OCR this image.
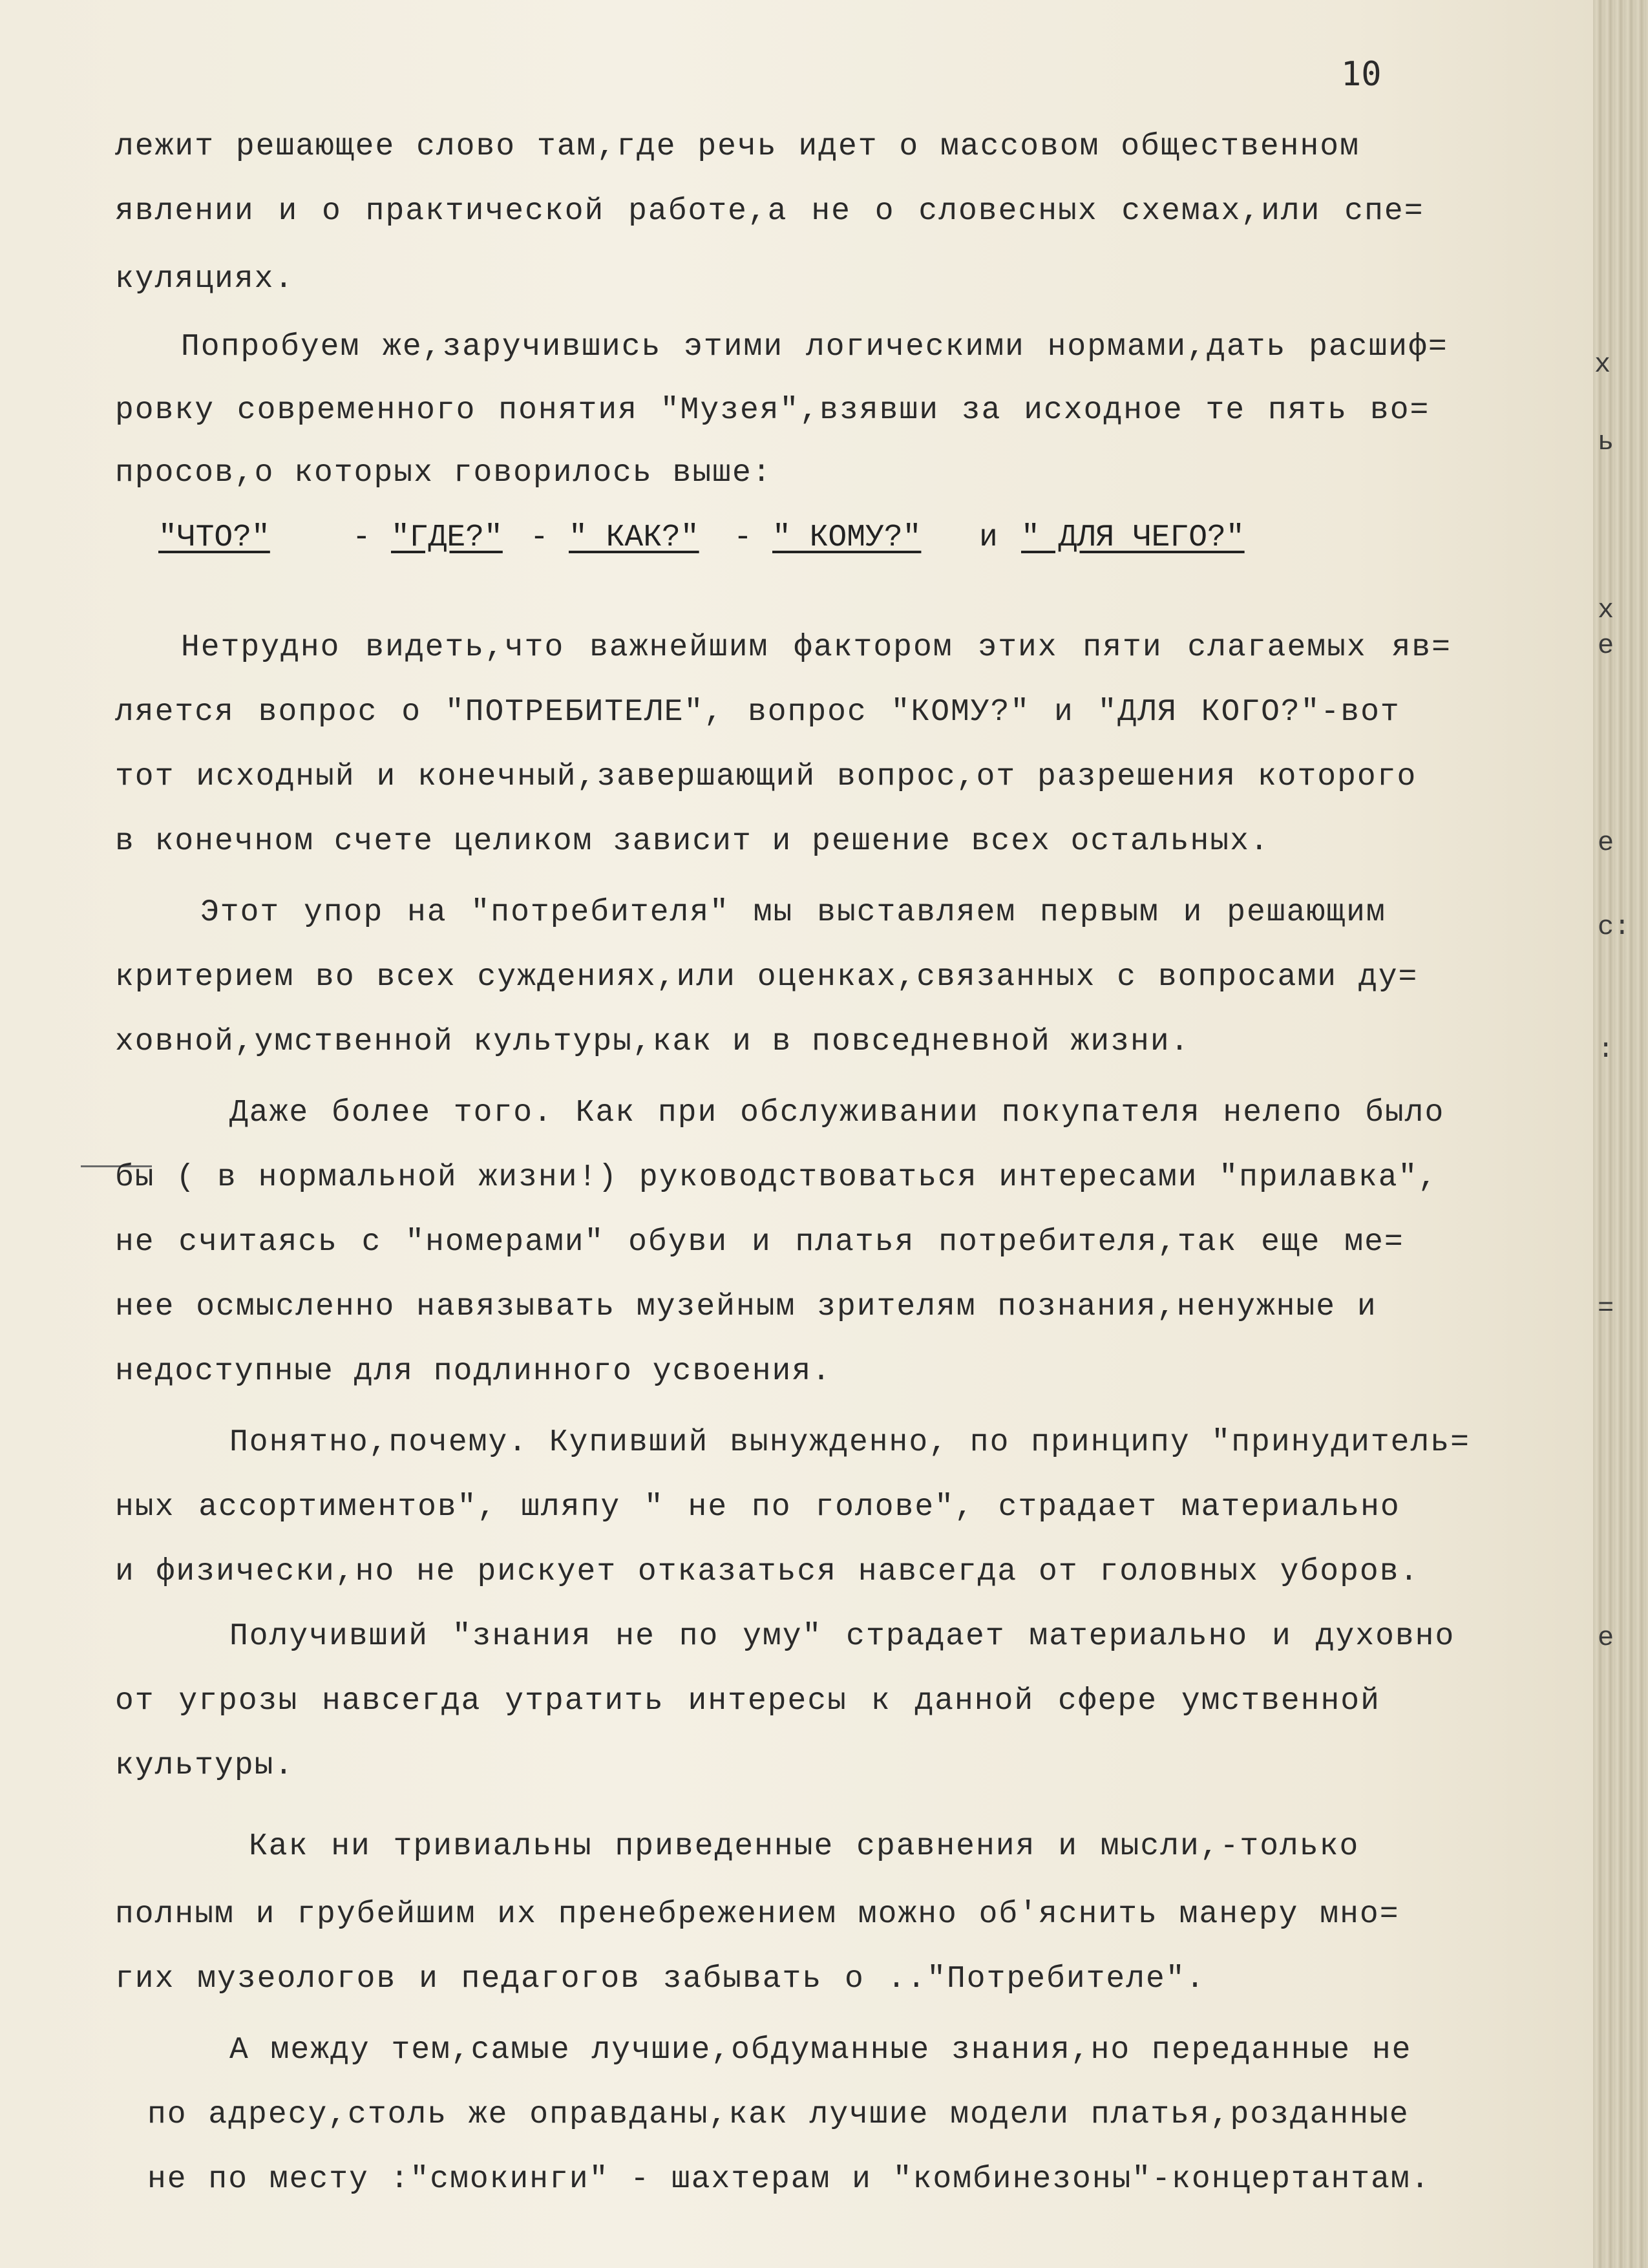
10
лежит решающее слово там,где речь идет о массовом общественном
явлении и о практической работе,а не о словесных схемах,или спе=
куляциях.
Попробуем же,заручившись этими логическими нормами,дать расшиф=
ровку современного понятия "Музея",взявши за исходное те пять во=
просов,о которых говорилось выше:
"ЧТО?"	- "ГДЕ?" - " КАК?" - " КОМУ?" и " ДЛЯ ЧЕГО?"
Нетрудно видеть,что важнейшим фактором этих пяти слагаемых яв=
ляется вопрос о "ПОТРЕБИТЕЛЕ", вопрос "КОМУ?" и "ДЛЯ КОГО?"-вот
тот исходный и конечный,завершающий вопрос,от разрешения которого
в конечном счете целиком зависит и решение всех остальных.
Этот упор на "потребителя" мы выставляем первым и решающим
критерием во всех суждениях,или оценках,связанных с вопросами ду=
ховной,умственной культуры,как и в повседневной жизни.
Даже более того. Как при обслуживании покупателя нелепо было
бы ( в нормальной жизни!) руководствоваться интересами "прилавка",
не считаясь с "номерами" обуви и платья потребителя,так еще ме=
нее осмысленно навязывать музейным зрителям познания,ненужные и
недоступные для подлинного усвоения.
Понятно,почему. Купивший вынужденно, по принципу "принудитель=
ных ассортиментов", шляпу " не по голове", страдает материально
и физически,но не рискует отказаться навсегда от головных уборов.
Получивший "знания не по уму" страдает материально и духовно
от угрозы навсегда утратить интересы к данной сфере умственной
культуры.
Как ни тривиальны приведенные сравнения и мысли,-только
полным и грубейшим их пренебрежением можно об'яснить манеру мно=
гих музеологов и педагогов забывать о .."Потребителе".
А между тем,самые лучшие,обдуманные знания,но переданные не
по адресу,столь же оправданы,как лучшие модели платья,розданные
не по месту :"смокинги" - шахтерам и "комбинезоны"-концертантам.
х
ь
х
е
е
с:
:
=
е
